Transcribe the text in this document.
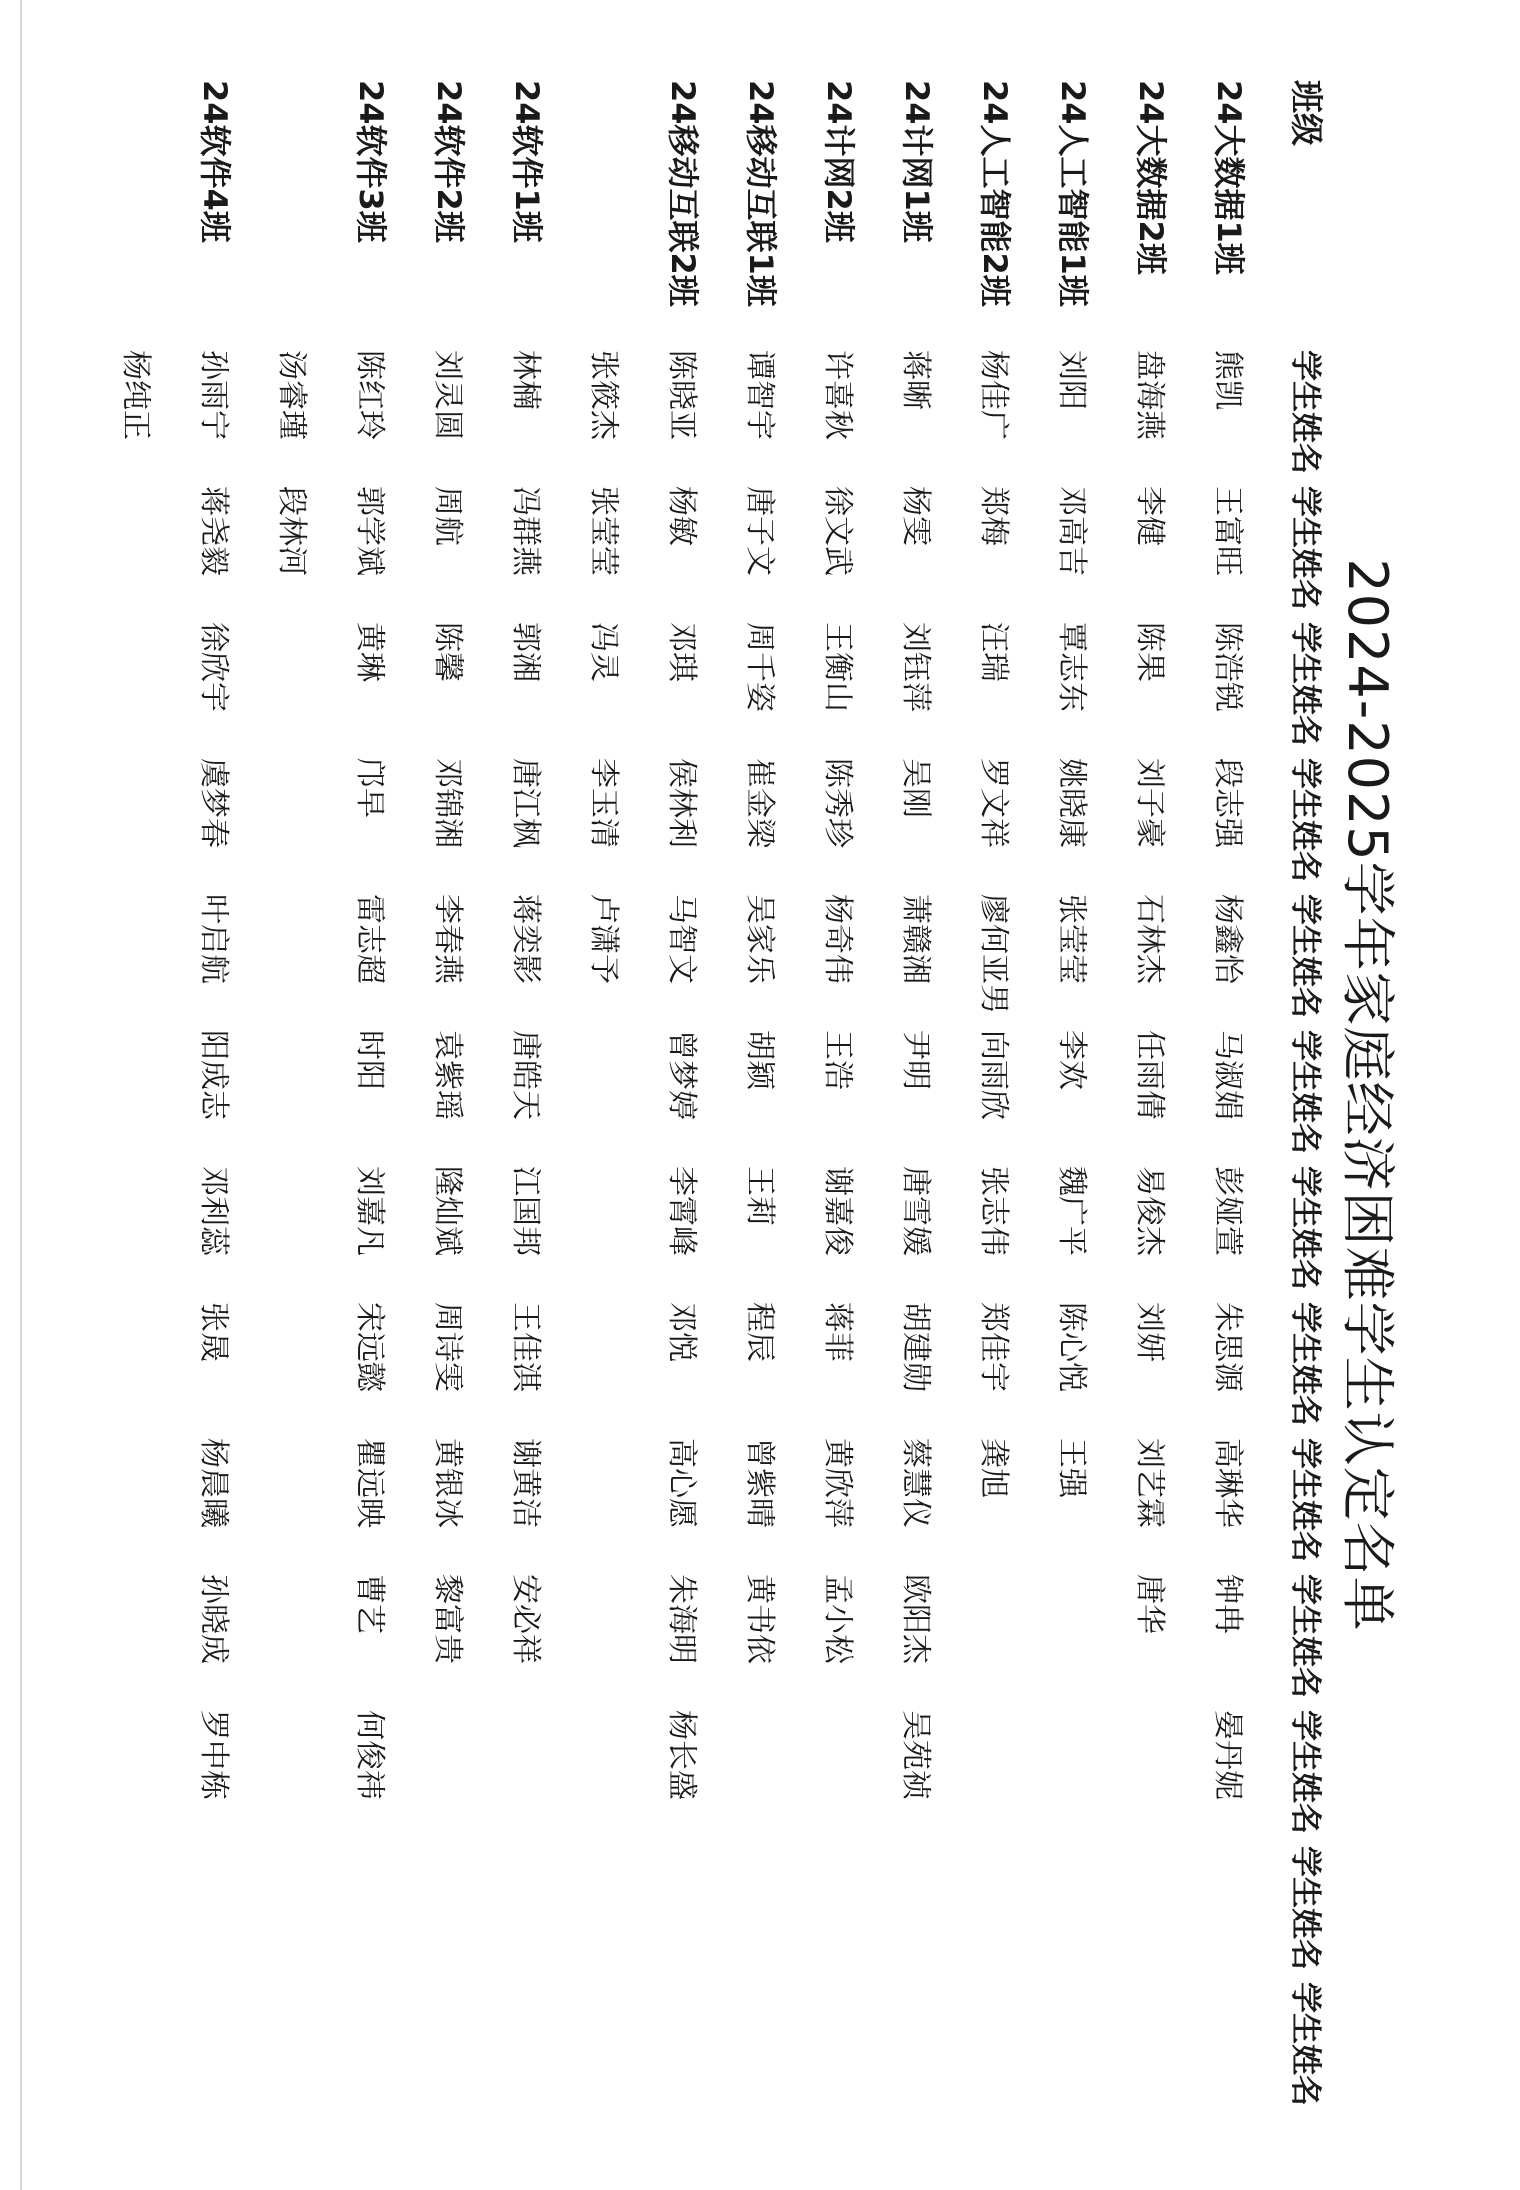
2024-2025学年家庭经济困难学生认定名单
班级	学生姓名	学生姓名	学生姓名	学生姓名	学生姓名	学生姓名	学生姓名	学生姓名	学生姓名	学生姓名	学生姓名	学生姓名	学生姓名
24大数据1班	熊凯	王富旺	陈浩锐	段志强	杨鑫怡	马淑娟	彭娅萱	朱思源	高琳华	钟冉	晏丹妮		
24大数据2班	盘海燕	李健	陈果	刘子豪	石林杰	任雨倩	易俊杰	刘妍	刘艺霖	唐华			
24人工智能1班	刘阳	邓高吉	覃志东	姚晓康	张莹莹	李欢	魏广平	陈心悦	王强				
24人工智能2班	杨佳广	郑梅	汪瑞	罗文祥	廖何亚男	向雨欣	张志伟	郑佳宇	龚旭				
24计网1班	蒋晰	杨雯	刘钰萍	吴刚	萧赣湘	尹明	唐雪媛	胡建勋	蔡慧仪	欧阳杰	吴苑祯		
24计网2班	许喜秋	徐文武	王衡山	陈秀珍	杨奇伟	王浩	谢嘉俊	蒋菲	黄欣萍	孟小松			
24移动互联1班	谭智宇	唐子文	周千姿	崔金梁	吴家乐	胡颖	王莉	程辰	曾紫晴	黄书依			
24移动互联2班	陈晓亚	杨敏	邓琪	侯林利	马智文	曾梦婷	李霄峰	邓悦	高心愿	朱海明	杨长盛		
	张筱杰	张莹莹	冯灵	李玉清	卢潇予								
24软件1班	林楠	冯群燕	郭湘	唐江枫	蒋奕影	唐皓天	江国邦	王佳淇	谢黄洁	安必祥			
24软件2班	刘灵圆	周航	陈馨	邓锦湘	李春燕	袁紫瑶	隆灿斌	周诗雯	黄银冰	黎富贵			
24软件3班	陈红玲	郭学斌	黄琳	邝早	雷志超	时阳	刘嘉凡	宋远懿	瞿远映	曹艺	何俊祎		
	汤睿瑾	段林河											
24软件4班	孙雨宁	蒋尧毅	徐欣宇	虞梦春	叶启航	阳成志	邓利蕊	张晟	杨晨曦	孙晓成	罗中栋		
	杨纯正												
